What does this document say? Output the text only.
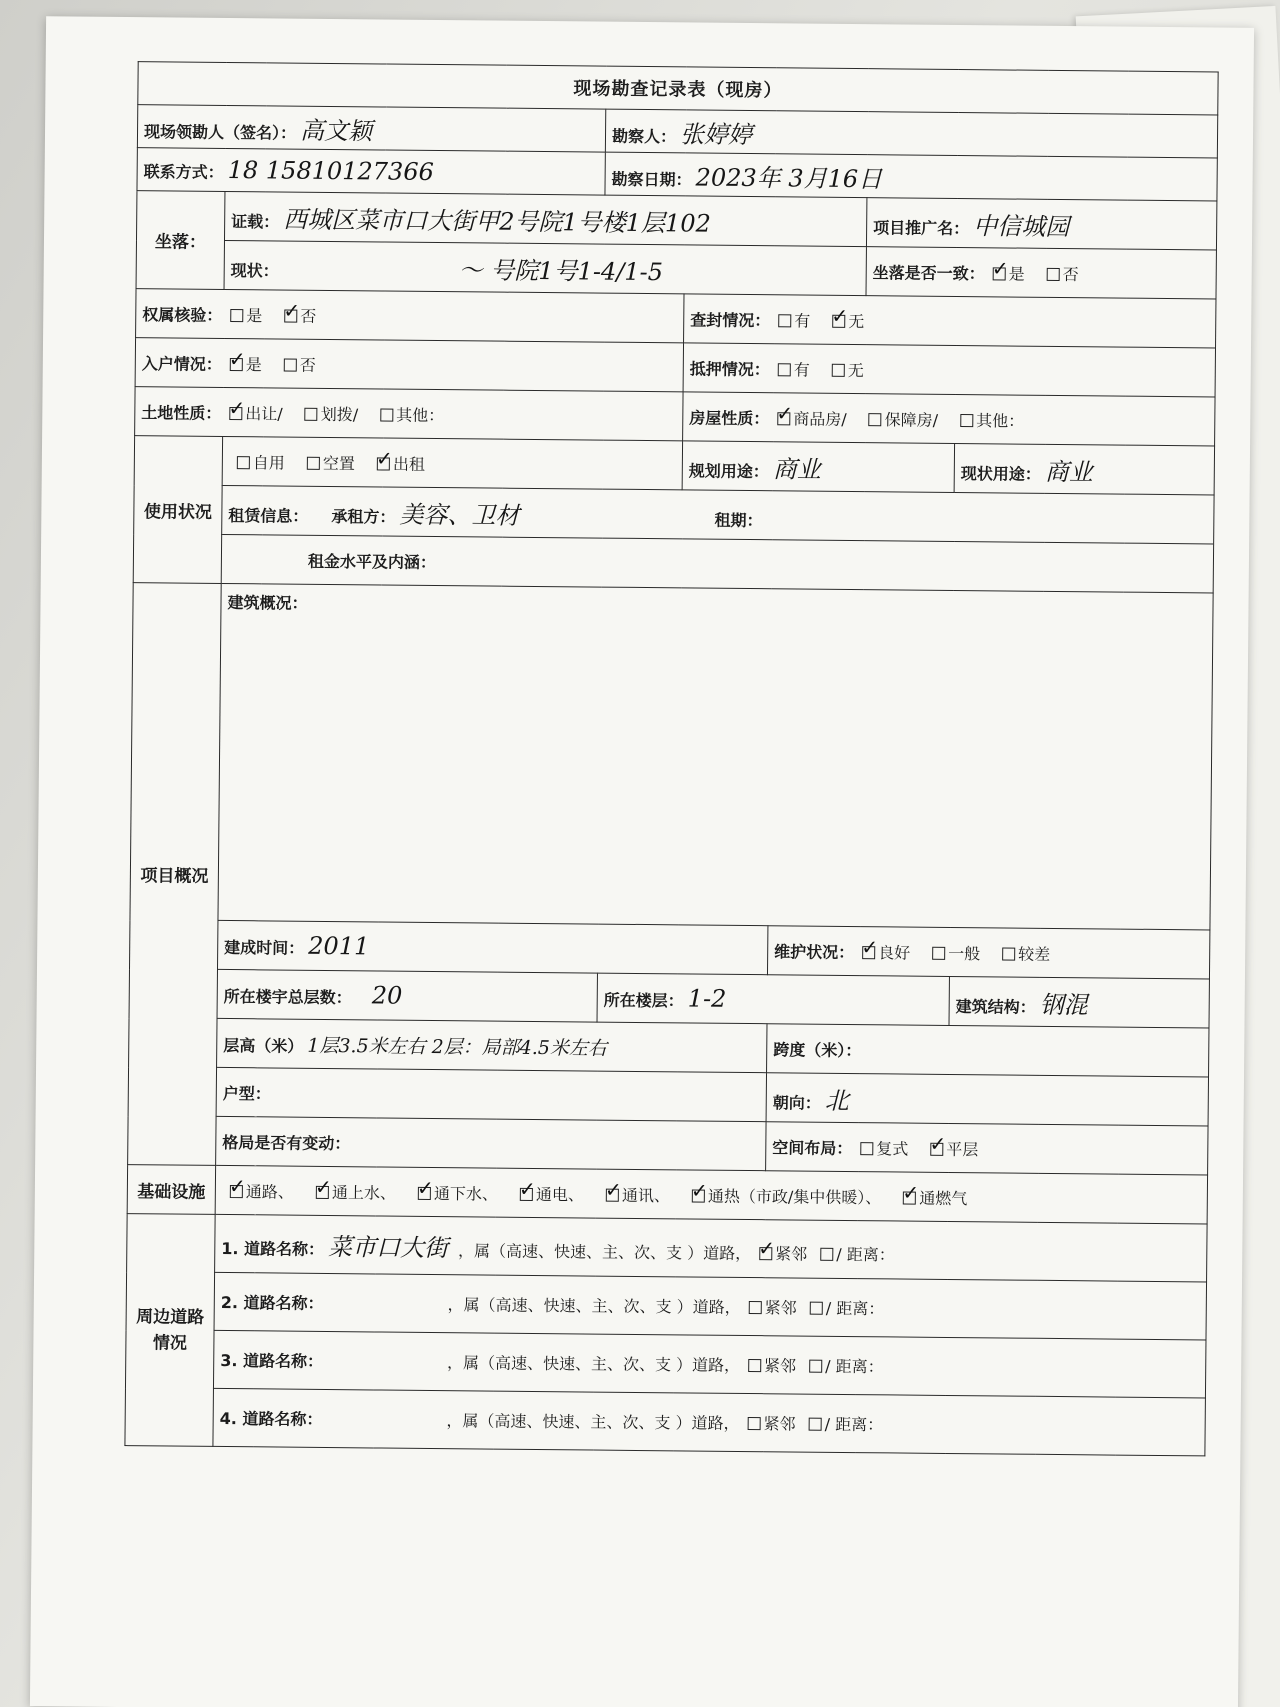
现场勘查记录表（现房）						
现场领勘人（签名）： 高文颖		勘察人： 张婷婷				
联系方式： 18 15810127366		勘察日期： 2023年 3月16日				
坐落：	证载： 西城区菜市口大街甲2号院1号楼1层102				项目推广名： 中信城园	
	现状： ～ 号院1号1-4/1-5				坐落是否一致： ✓ 是 否
权属核验： 是 ✓ 否			查封情况： 有 ✓ 无
入户情况： ✓ 是 否			抵押情况： 有 无			
土地性质： ✓ 出让/ 划拨/ 其他：			房屋性质： ✓ 商品房/ 保障房/ 其他：
使用状况	自用 空置 ✓ 出租		规划用途： 商业			现状用途： 商业
	租赁信息： 承租方： 美容、卫材 租期：					
	租金水平及内涵：					
项目概况	建筑概况：					
	建成时间： 2011			维护状况： ✓ 良好 一般 较差
	所在楼宇总层数： 20	所在楼层： 1-2				建筑结构： 钢混
	层高（米） 1层3.5米左右 2层：局部4.5米左右			跨度（米）：		
	户型：			朝向： 北		
	格局是否有变动：			空间布局： 复式 ✓ 平层
基础设施	✓通路、 ✓ 通上水、 ✓ 通下水、 ✓ 通电、 ✓ 通讯、 ✓ 通热（市政/集中供暖）、 ✓ 通燃气
周边道路情况	1. 道路名称： 菜市口大街 ，属（高速、快速、主、次、支 ）道路， ✓ 紧邻 / 距离：
	2. 道路名称： ，属（高速、快速、主、次、支 ）道路， 紧邻 / 距离：					
	3. 道路名称： ，属（高速、快速、主、次、支 ）道路， 紧邻 / 距离：					
	4. 道路名称： ，属（高速、快速、主、次、支 ）道路， 紧邻 / 距离：					
